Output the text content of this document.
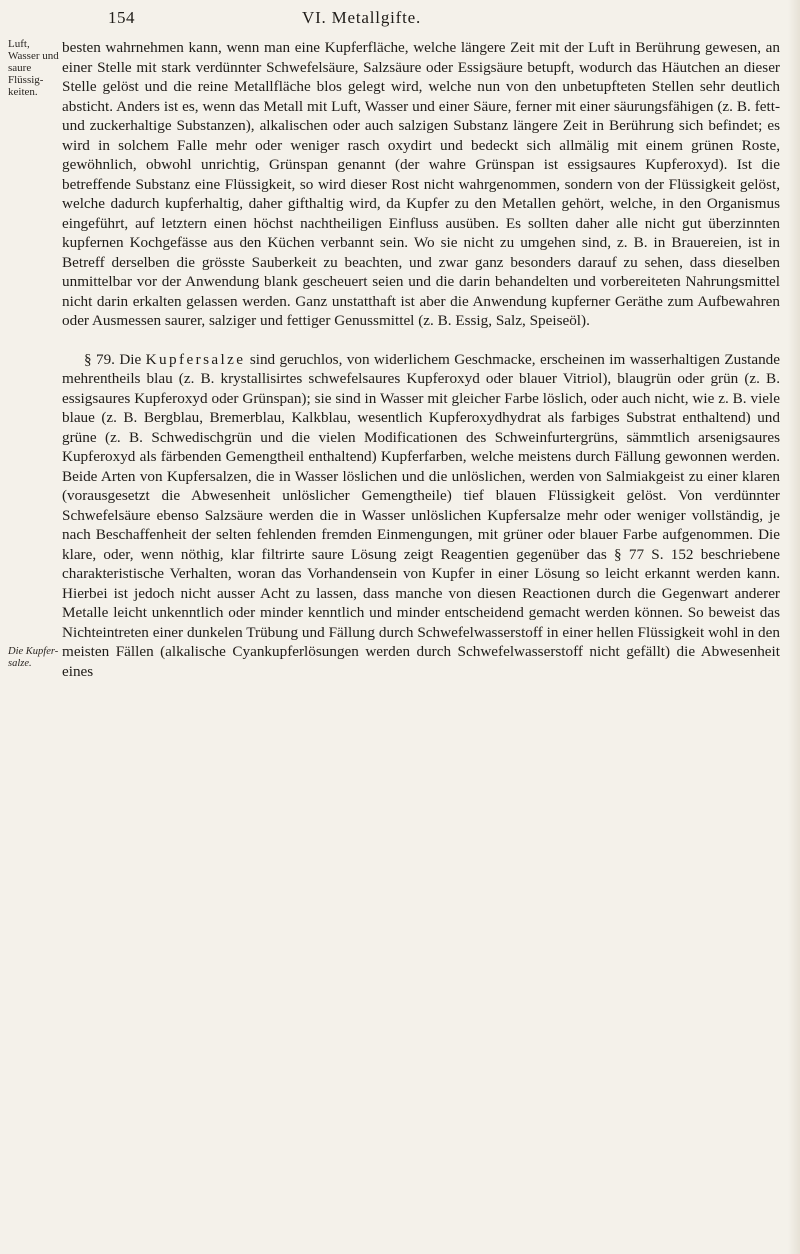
154	VI. Metallgifte.
Luft, Wasser und saure Flüssig- keiten.
Die Kupfer- salze.

besten wahrnehmen kann, wenn man eine Kupferfläche, welche längere Zeit mit der Luft in Berührung gewesen, an einer Stelle mit stark verdünnter Schwefelsäure, Salzsäure oder Essigsäure betupft, wodurch das Häutchen an dieser Stelle gelöst und die reine Metallfläche blos gelegt wird, welche nun von den unbetupfteten Stellen sehr deutlich absticht. Anders ist es, wenn das Metall mit Luft, Wasser und einer Säure, ferner mit einer säurungsfähigen (z. B. fett- und zuckerhaltige Substanzen), alkalischen oder auch salzigen Substanz längere Zeit in Berührung sich befindet; es wird in solchem Falle mehr oder weniger rasch oxydirt und bedeckt sich allmälig mit einem grünen Roste, gewöhnlich, obwohl unrichtig, Grünspan genannt (der wahre Grünspan ist essigsaures Kupferoxyd). Ist die betreffende Substanz eine Flüssigkeit, so wird dieser Rost nicht wahrgenommen, sondern von der Flüssigkeit gelöst, welche dadurch kupferhaltig, daher gifthaltig wird, da Kupfer zu den Metallen gehört, welche, in den Organismus eingeführt, auf letztern einen höchst nachtheiligen Einfluss ausüben. Es sollten daher alle nicht gut überzinnten kupfernen Kochgefässe aus den Küchen verbannt sein. Wo sie nicht zu umgehen sind, z. B. in Brauereien, ist in Betreff derselben die grösste Sauberkeit zu beachten, und zwar ganz besonders darauf zu sehen, dass dieselben unmittelbar vor der Anwendung blank gescheuert seien und die darin behandelten und vorbereiteten Nahrungsmittel nicht darin erkalten gelassen werden. Ganz unstatthaft ist aber die Anwendung kupferner Geräthe zum Aufbewahren oder Ausmessen saurer, salziger und fettiger Genussmittel (z. B. Essig, Salz, Speiseöl).

§ 79. Die Kupfersalze sind geruchlos, von widerlichem Geschmacke, erscheinen im wasserhaltigen Zustande mehrentheils blau (z. B. krystallisirtes schwefelsaures Kupferoxyd oder blauer Vitriol), blaugrün oder grün (z. B. essigsaures Kupferoxyd oder Grünspan); sie sind in Wasser mit gleicher Farbe löslich, oder auch nicht, wie z. B. viele blaue (z. B. Bergblau, Bremerblau, Kalkblau, wesentlich Kupferoxydhydrat als farbiges Substrat enthaltend) und grüne (z. B. Schwedischgrün und die vielen Modificationen des Schweinfurtergrüns, sämmtlich arsenigsaures Kupferoxyd als färbenden Gemengtheil enthaltend) Kupferfarben, welche meistens durch Fällung gewonnen werden. Beide Arten von Kupfersalzen, die in Wasser löslichen und die unlöslichen, werden von Salmiakgeist zu einer klaren (vorausgesetzt die Abwesenheit unlöslicher Gemengtheile) tief blauen Flüssigkeit gelöst. Von verdünnter Schwefelsäure ebenso Salzsäure werden die in Wasser unlöslichen Kupfersalze mehr oder weniger vollständig, je nach Beschaffenheit der selten fehlenden fremden Einmengungen, mit grüner oder blauer Farbe aufgenommen. Die klare, oder, wenn nöthig, klar filtrirte saure Lösung zeigt Reagentien gegenüber das § 77 S. 152 beschriebene charakteristische Verhalten, woran das Vorhandensein von Kupfer in einer Lösung so leicht erkannt werden kann. Hierbei ist jedoch nicht ausser Acht zu lassen, dass manche von diesen Reactionen durch die Gegenwart anderer Metalle leicht unkenntlich oder minder kenntlich und minder entscheidend gemacht werden können. So beweist das Nichteintreten einer dunkelen Trübung und Fällung durch Schwefelwasserstoff in einer hellen Flüssigkeit wohl in den meisten Fällen (alkalische Cyankupferlösungen werden durch Schwefelwasserstoff nicht gefällt) die Abwesenheit eines
